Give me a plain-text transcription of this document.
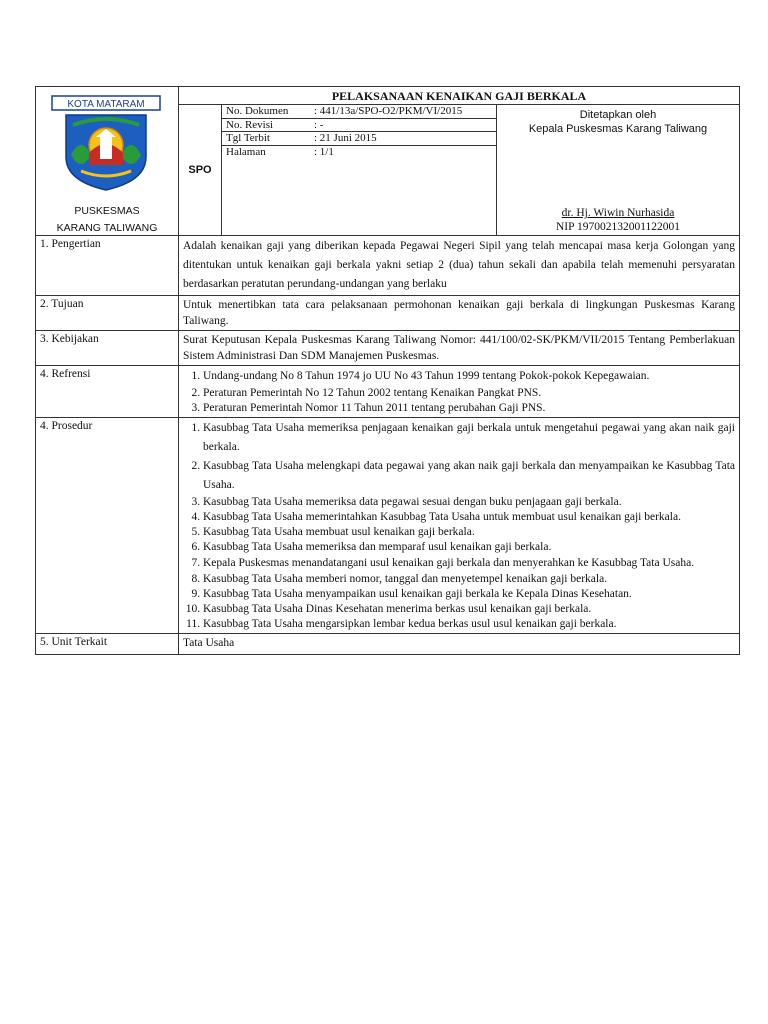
KOTA MATARAM
PUSKESMAS
KARANG TALIWANG
	PELAKSANAAN KENAIKAN GAJI BERKALA
SPO	
No. Dokumen	: 441/13a/SPO-O2/PKM/VI/2015
No. Revisi	: -
Tgl Terbit	: 21 Juni 2015
Halaman	: 1/1

Ditetapkan oleh
Kepala Puskesmas Karang Taliwang
dr. Hj. Wiwin Nurhasida
NIP 197002132001122001

1. Pengertian	Adalah kenaikan gaji yang diberikan kepada Pegawai Negeri Sipil yang telah mencapai masa kerja Golongan yang ditentukan untuk kenaikan gaji berkala yakni setiap 2 (dua) tahun sekali dan apabila telah memenuhi persyaratan berdasarkan peratutan perundang-undangan yang berlaku
2. Tujuan	Untuk menertibkan tata cara pelaksanaan permohonan kenaikan gaji berkala di lingkungan Puskesmas Karang Taliwang.
3. Kebijakan	Surat Keputusan Kepala Puskesmas Karang Taliwang Nomor: 441/100/02-SK/PKM/VII/2015 Tentang Pemberlakuan Sistem Administrasi Dan SDM Manajemen Puskesmas.
4. Refrensi	
1.Undang-undang No 8 Tahun 1974 jo UU No 43 Tahun 1999 tentang Pokok-pokok Kepegawaian.
2. Peraturan Pemerintah No 12 Tahun 2002 tentang Kenaikan Pangkat PNS.
3. Peraturan Pemerintah Nomor 11 Tahun 2011 tentang perubahan Gaji PNS.

4. Prosedur	
1.Kasubbag Tata Usaha memeriksa penjagaan kenaikan gaji berkala untuk mengetahui pegawai yang akan naik gaji berkala.
2. Kasubbag Tata Usaha melengkapi data pegawai yang akan naik gaji berkala dan menyampaikan ke Kasubbag Tata Usaha.
3. Kasubbag Tata Usaha memeriksa data pegawai sesuai dengan buku penjagaan gaji berkala.
4. Kasubbag Tata Usaha memerintahkan Kasubbag Tata Usaha untuk membuat usul kenaikan gaji berkala.
5. Kasubbag Tata Usaha membuat usul kenaikan gaji berkala.
6. Kasubbag Tata Usaha memeriksa dan memparaf usul kenaikan gaji berkala.
7. Kepala Puskesmas menandatangani usul kenaikan gaji berkala dan menyerahkan ke Kasubbag Tata Usaha.
8. Kasubbag Tata Usaha memberi nomor, tanggal dan menyetempel kenaikan gaji berkala.
9. Kasubbag Tata Usaha menyampaikan usul kenaikan gaji berkala ke Kepala Dinas Kesehatan.
10. Kasubbag Tata Usaha Dinas Kesehatan menerima berkas usul kenaikan gaji berkala.
11. Kasubbag Tata Usaha mengarsipkan lembar kedua berkas usul usul kenaikan gaji berkala.

5. Unit Terkait	Tata Usaha
